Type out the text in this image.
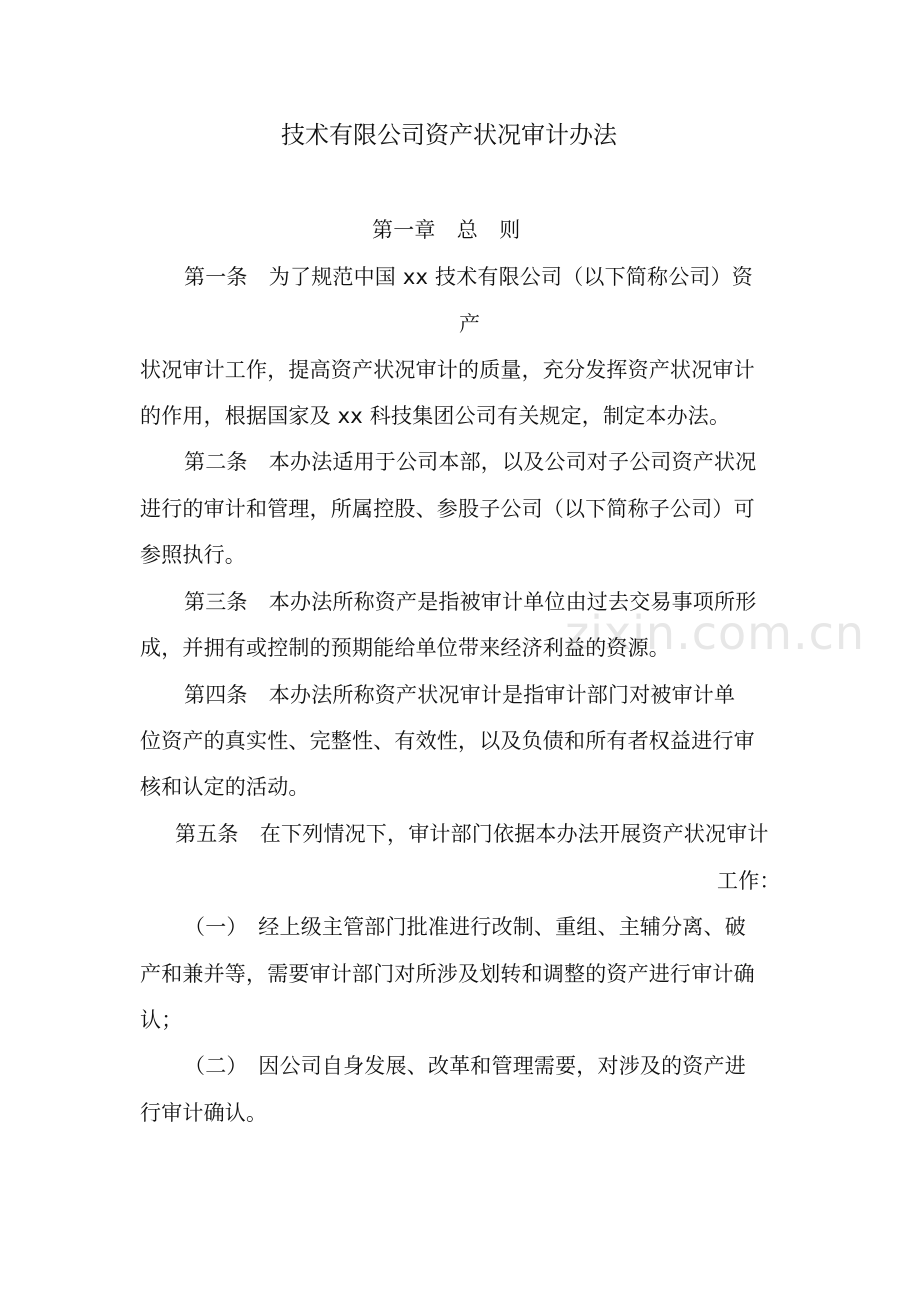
zixin.com.cn
技术有限公司资产状况审计办法
第一章　总　则
第一条　为了规范中国 xx 技术有限公司（以下简称公司）资
产
状况审计工作，提高资产状况审计的质量，充分发挥资产状况审计
的作用，根据国家及 xx 科技集团公司有关规定，制定本办法。
第二条　本办法适用于公司本部，以及公司对子公司资产状况
进行的审计和管理，所属控股、参股子公司（以下简称子公司）可
参照执行。
第三条　本办法所称资产是指被审计单位由过去交易事项所形
成，并拥有或控制的预期能给单位带来经济利益的资源。
第四条　本办法所称资产状况审计是指审计部门对被审计单
位资产的真实性、完整性、有效性，以及负债和所有者权益进行审
核和认定的活动。
第五条　在下列情况下，审计部门依据本办法开展资产状况审计
工作：
（一）　经上级主管部门批准进行改制、重组、主辅分离、破
产和兼并等，需要审计部门对所涉及划转和调整的资产进行审计确
认；
（二）　因公司自身发展、改革和管理需要，对涉及的资产进
行审计确认。
